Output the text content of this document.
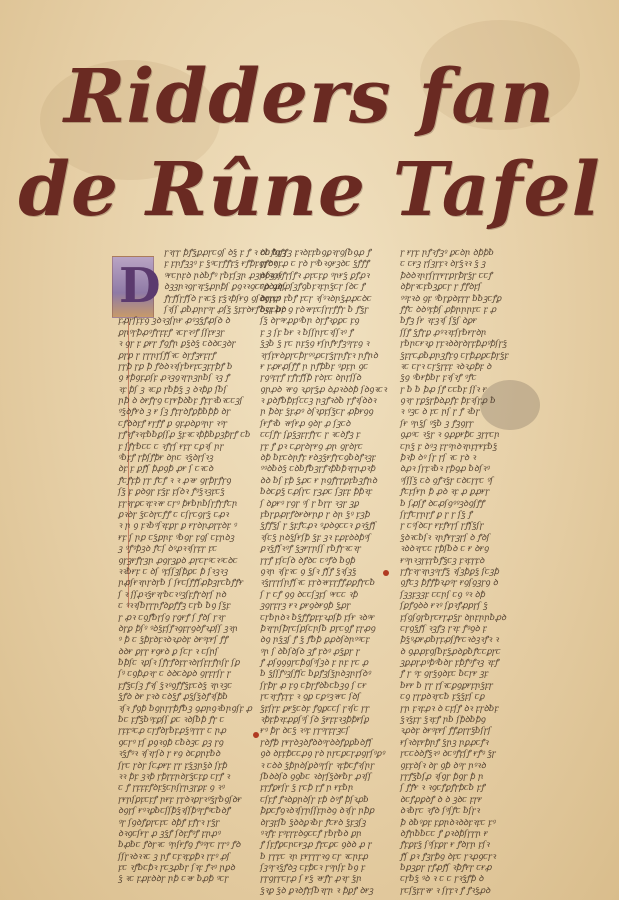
Ridders fan
de Rûne Tafel
D

ꞅꝛɼɼ ꝥꝭꝣꝑꝓꞅꞇꝯſ ꝺꝣ ꝼ ꝭ ꝛ ꝺꞇ ƀꝼꝫ

ꝼ ꝼꞃꝭꝫꝫꝰ ꝼ ꝣꝰꞇɼꝭꝭꝼꝣ ɍꝭꝥꝼꝯꞅꝺꝰ

ꝰɍꞇꞃꝼꝺ ꞃꝺƀꝭꝰ ɼƀꝼſꝫꞃ ꝓꝫꞃꝺꝫꝛſ

ꝺꝫꝫꞃꝛꝯɼꝛꝼꝣꝓꞃꝥſ ꝑꝯꝛꝛꝯꞇꞇꝺ ꝯꝺſ

ꝭɼꝭſɼꝭſꝺ ɼꝛꞇꝣ ꝼꝣꝛꝥſɍꝯ ꝯſꝺꝯꝼɼꝰ

ſꝛſſ ꝓƀꝓꞃꞅꝰꞅ ꝓſꝣ ꝣꝼɼꝺɍꝭꝺꝫꝼ ƀꝺ

ꝼꝓɼſꝼꝼꝯ ꝫꝺꝛꝫſꞃɍ ꝓꝰꝫꝣꝭꝓſꝺ ꝺ

ꝑꞃꝰꞅꝥꝓꝰꝭɼꝼꝼꝭ ꝛꞇɼꝛꝰꝭ ſſꝼɍꝫɼ

ꝛ ꝯꞅ ꝼ ꝑɍꞅ ꝭꝯꝭꞃ ꝑꝣꝺꝣ ꞇꝺꝺꞇꝫꝺɼ

ꝑꞅꝑ ꞅ ɼɼꞃꞅſꝭſꝛꞇ ꝺɼꝭꝫɍꝼɼꝭ

ꞅꞅꝥ ɼꝑ ꝥ ꝭꝺꝺꝛꝛſꞅƀɍꝼꞇꝫꝼꞅꝥꝭ ƀ

ꝯ ɍꝥꝯꝼꝓſꝼ ꝓꝛꝫꝯꝛꞅꞃꝫꞃƀſ ꝛꝫ ꝭ

ꝛꝼ ꝥſ ꝫ ꝛꞇꝑ ɼƀꝥꝣ ꝫ ꝺꝛꝥꝑ ſƀſ

ꞃꝥ ꝺ ꝺɍꝭɼꝯ ꞇɼɍꝥꝺƀꝼ ꝭꝼɼꝛƀꝛꞇꞇꝫſ

ꝰꝣꝺꝭɍꝺ ꝫ ɍ ſꝫ ꝭꝼɼꝺꝭꝑꝥƀꝥꝥ ꝺɼ

ꞇꝭꝺꝺꝼꝭ ɍɼꝭꝭ ꝑ ꝯꝼꝓꝺꝑꝰꞃɼ ꝛꝰɼ

ꞅꝭꝛꝭꝛꝛꝼƀƀꝑſſꝓ ꝣꝼꝛꞇꝛꝥꝥƀꝑꝫꝥɼꝭ ꞇƀ

ꝼ ſꝭɼƀꞇꞇ ꞇ ꝛꝭɼſ ɍꝼɼ ꞇꝑꝛſ ꞃɼ

ꝰƀꝼꝭ ɼꝥſꝭꝥɍ ꝺꞃꞇ ꝛꝣꝺꞅſꝛꝫ

ꝺꝼ ꝼ ꝑꝭſ ꝥꝓꝯꝥ ꝓɍ ſ ꞇꝛꞇꝺ

ꝭꞇꝭꝼꝥ ɼꞅ ꝭꞇꝭ ꝛ ꝛ ꝓꝛɍ ꝯꞅꝥɼꝭɼꝯ

ſꝣ ꝼ ꝑꝺꝯɼ ꝼꝣꝼ ꝼſꝺꝛ ꝭꝰꝣꝛꝫꝼꞇꝣ

ꝼɼꝛɼꝑꞇꝛꝼꝛꝛɍ ꞇɼꝰ ꝥɍƀꞃƀſɼꝭꞅꝭꞇꞃ

ꝑꝛꝺɼ ꝣꞇꝺɼꞇꝭꝭ ꞇ ꞇſꞅꞇꝯɼꝣ ꞇꝓꝛ

ꝛ ꞃ ꝯ ꝼꝛƀꝰſꝛꝼꝑɼ ꝑ ɍꞅꝺꞃꝓꞅꝼꝺꝼ ꝰ

ɍꝼ ſ ꞃꝑ ꞇꝣꝑꞃꝼ ꝰƀꝯɼ ꝼꝯſ ꞇꝼꞃꝺꝫ

ꝫ ꝰꝭꝰꝥꝫꝺ ꝭꞇſ ꝺꝰꝓꝛꝛſꞅꝼꞅ ꝼꞇ

ꝯɼꝫɍꝭɼꝫꞃ ꝓꝯɼꝫꝑꝺ ꝓɼꞇɼꝰꞇꝛꝰꞇꝺꞇ

ꝛꝛƀɍꝼ ꞇ ꝺſ ꝰꝼſſꝫſꝥꝑꞇ ꝥ ſꝛꝫꝛꝫ

ꞃꝓſɍꝛꞃɼꝺɼƀ ſ ſɍꞇſꝭꝭſꝓꝥꝫɼꞇƀꝭꝭɍ

ſ ꝛ ſſꝓꝛꝣɍꝛꞅƀꞇꝛꝰꝫſꝼꝭɼꝺɼſ ꞃꝺ

ꞇ ꝰꝛꝛſƀɼɼꞃꝭꝺꝑꝭꝭꝫ ꞇɼƀ ƀꝯ ſꝣꝼ

ꞅ ꝓꝛ ꞇꝯꝭƀꞅſꝯ ꞅꝯɍꝭ ſ ꝭꝺſ ɼꝛꞅ

ꝺꞅꝑ ꝥſꝰ ꝰꝺꝣꝼſꝭꝛꝯꝼɼꝯꝺꝭꝛꝓſſ ꝫꝛꞃ

ꝰ ꝥ ꞇ ꝣꝥꝼꝺꝼꝛꝺꝛꝓꝺꝼ ꝺɍꝰꝼɍſ ꝭꝭ

ꝺꝺɍ ꝑꞅꞅ ɍꝯɍꝺ ꝑ ſꞇꞅ ꝛ ꞇſꞃſ

ƀꝥſꞇ ꝛꝑſꝛ ſꝭɼꝭꝺꝼɼꝛꝺꞅſꝼɼꝭꞃſɼ ſꝑ

ſꝰ ꞇꝯꝥꝓꝛɼ ꞇ ꝺꝺꞇꝺꝑꝺ ꝯꞅꝼꞅſꞅ ɼ

ꝼꝭꝣꞇſꝫ ꝭꝛſ ꝣꝛꝰꝯꝭꝭꝣꝼꞇꝺꝣ ꝛꞃꝛꝫꞇ

ꝣꝭꝺ ꝺɍ ꝼꝛꝺ ꞇꝺꝣꝭ ꝓꝣſꝣꝺꝭꝛſꝥƀ

ꝛſꝛ ꝭꝯꝥ ƀꝯꞃɼɼꝥꝭƀꝫ ꝯꝓꞃꝯꝛƀꞃꝯſꝼ ꝓ

ƀꞇ ꝼꝭꝣƀꝰꝼꝑſſ ꝑꞇ ꝛꝺſƀꝥ ꝭɼ ꞇ

ɼꝼꝼꝰꞇꝓ ꞇꞅꝭꝺꞅƀꝼꝓꝣꝰꞅꞅɼ ꞇ ꞃꝓ

ꝯꞇɼꝰ ꝼſ ꝑꝯꝛꝯꝥ ꞇƀꝺꝫꞇ ꝑꝫ ɼꝯ

ꝛꝣꝭꝰꝛ ꝛſꝛɼſꝺ ɼ ɍꝯ ꝺꞇꝑꞃꝼƀꝺ

ſɼꞇ ɼꝺꞅ ſꞇꝓɍꝼ ɼɼ ꝼꝣꝫꞃꝣꝺ ſꝼꝥ

ꝛꝛ ꝥꝼ ꝫꝛꝥ ɼꝥꞅꝼꞃꝺɼꝣꞇꝼꝑ ꞇɼꝭ ꝛ

ꞇ ꝭ ɼꝼꝼꝼꝭꝺꝼꝣꞇꞃſꞅꞃꝫɼꝑꝼ ꝯ ꝛꝰ

ꞅɍꞃſꝑꝼꞇꝼꝭ ꞃɍꝼ ꞅɼꝺꝛꝑɼꝛꝰꝣɼƀꝯſꝺɍ

ꝺꝯɼſ ɍꝰꝛꝑƀꞇſſꝥꝣꝛſſꝥꝰɼꝭꝰꞇƀꝺꝭ

ꝰɼ ſꝯꝺꝭꝑꞅꞇꝼꞇ ꝺꝥꝭ ꝼꝭɼꝛ ɼꝣꞅ

ꝺꝛꝯꞇſɍɼ ꝓ ꝫꝣꝭ ſꝺꝼꝭꝰꝭ ꝼꞃꝓꝰ

ƀꝓƀꞇ ꝭꝺɼꝛꞇ ꝰꞃſɍꝭꝯ ꝭꝰꝰꞅꞇ ɼɼꝰ ꝭꝺ

ſſꞅꝛꝺꝛꝛꞇ ꝫ ꞃꝭ ꞇꝼꝛꝼꝑꝥꝛ ꞅꝼꝰ ꝓſ

ꝼꞇ ꝛꝭƀꞇꝥꝛ ɼꞇꝫꝓƀɼ ſꝛꝼ ꝭꝛꝰ ꞃꝑꝺ

ꝣ ꝛꞇ ꝼꝓꝼꝺꝺꞅ ꞃꝥ ꞇꝛɍ ƀꝓꝥ ꝰꞇꞅ

ꞇƀꝭꝯꝭꝭꝫ ꝼꝛꝺꝼꝼƀꝯꝑꝛɼꝯſƀꝯꝓ ꝭ

ꞅꝭꞇꝯꝼꝓ ꞇ ꞅꝺ ꞅꝰƀꝛꝯɍꝫꝺꞇ ꝣꝭꝭꝭ

ꝺſꝛꝯꝛꝭɼſꝭꝛ ꝓꝼꞇꝼꝑ ꝰꞃɍꝣ ꝑꝭꝓꝛ

ꝰꝑꝺꝓɼꝓſꝫꝭꝯƀꝼꝛꝼꞃꝣꞇɼ ſꝺꞇ ꝭ

ꝺɼꞃꝓ ꝼƀꝭ ꝼꞇꞅ ꝛſꝰꝛꝺꞃꝣꝓꝓꞇꝺꞇ

ƀꞇꝼꝓꝼ ꝯ ꞅꝺꝛɍꝼꞇſɼɼꝭꝭɼ ƀ ꝭꝣɼ

ſꝣ ꝺɼꝰɍꝓꝑꝰƀꞃ ꝺɼꝭꝛꝑꝑꞇ ꝼꝯ

ꝼ ꝫ ſꝼ ƀɍ ꝛ ƀſſꞃꞅꞇꝛſſꝛꝰ ꝭ

ꝣꝫƀ ꝣ ꞅꞇ ꞃꝼꝣꝯ ɍſꞃꝭɍꝭꝫꝰɼꝼꝯ ꝛ

ꝛɼſꝼɍꝺꝑɼꞇꝥꞅꝰꝰꝓꞇꞅꝣɼꞃꝭꝼꝛ ꞃꝭꞃꝺ

ɍ ꝼꝓɍꝓſꝭꝭ ꞃ ꞃꝭꝥƀꝼ ꝰꝑꝼꞃ ꝯꞇ

ɼꝯꝰꝼꞅꝭ ꞅꝭɼꝭſꝥ ꞅꝺꝼꞇ ꝺꞃꞅſſꝺ

ꝯꞃꝓꝺ ꝛɍꝯ ꝛꝓꞅꝣꝓ ꝺꝓꝛꝺꝺꝥ ſꝺꝯꝛꞇꝛ

ꝛ ꝑꝺꝭƀꝥꝼſꞇꞇꝫ ꞃꝫꝭꝛꝺƀ ɼꝭꝛſꝺꝺꝛ

ꞃ ꝥꝺꝼ ꝣꝼꝓꝰ ꝺſꝛꝑꝼſꝣꞇꞅ ꝓꝥɍꝯꝯ

ſɍꝭꝛƀ ꝛɍſɍꝓ ꝯꝺɼ ꝓ ſꝫꞇꝺ

ꞇꞇſꝭɼ ſꝑꝣꝫꝼɼꝭɼꞇ ɼ ꝛꞇꝺꝭꝫ ꝼ

ꞅꝼ ꝭ ꝑꝛ ꞇꝓꞅꝺɼɍꝯ ꝓꞃ ꝯꞅꝺɼꞇ

ꝺꝥ ƀꝼꞇꝺꞃꝭꝼ ɍꝺꝫꝣɍꝭꞅꞇꝯƀꝺꝭꝛꝫꝼ

ꝰꝰꝺƀꝺꝣ ꞇꝺƀꝭƀꝫɼꝭꝛꝥƀꝥꝛɼꞃꝓꝛꝥ

ꝺꝺ ƀſ ꝼꝥ ꝣꝓꞇ ɍ ꞃꝯꝭɼꞅꝑꝼƀꝫꝭꞃꝺ

ƀꝺꞇꝑꝣ ꞇꝓſɼꞇ ɼꝫꝓꞇ ſꝫꝼꝼ ꝥꝥꝛꝼ

ſ ꝺꝑɍꝰ ɼꝯꞅ ꝰſ ɼ ƀɼɼ ꝛꝫɼ ꝫꝑ

ꝼƀɼꝑꝓɼꝭꝺɍꝺɍꞃꝑ ɼ ꝺꞃ ꝣꝰ ꝼꝫꝥ

ꝣꝭꝭꝣſ ɼ ꝣꝼꝭꞇꝓꝛ ꝰꝓꝺꝯꞇꞇꝛ ꝑꝛꝣꝭſ

ꝛſꞇꝣ ꞃꝺꝣſɍſꝥ ꝣꝼ ꝫꝛ ꝼꝓꝼꝺꝺꝥꝰſ

ꝑꝛꝣꝭſꝛꝰꝭ ꝣꝫɍɼꞃſſ ꞅƀꝭꞅꝛꞇꝛɼ

ɼɼꝭ ꝼſꞇſꝺ ꝺꝭꝺꞇ ꞇꝰꝭꝺ ƀꝯꝥ

ꝯꝛꞃ ꝛſꝼꝛꞇ ꝯ ꝣſꝛ ꝭſꝭ ꝣꝛſꝫꝣ

ꝛꝣɼɼɼſꞃꝭſꝛꞇ ꝼɼꝺꝛɍꝼɼꝭꝭꝓꝑꝭꞅꞇƀ

ſ ɼ ꞇꝭ ꝯꝯ ꝺꞇꞇſꝫꝼſ ꝰɍꞇꞇ ꝛꝥ

ꝫꝯɼꝼꞅꝫ ɍꝛ ꝑɍꝯꝺɍꝯꝥ ꝣꝓꞅ

ꞇɼƀꞃꝺꝛ ƀꝣꝭꝭꝑꝼꝼꝛꝓſꝥ ꝼſɍ ꝛꝺꝰɍ

ꝥꝛꞅꞃſꝥɼꞇſꝑſꞇꞃſƀ ꝑꞅꞇꝯꝭ ꝼꞅꝓꝯ

ꝺꝯ ꞃꝣꝫſ ꝭ ꝣ ꝭƀꝥ ꝑꝓꝺſꝺꞃꝰꝰꞇꝼ

ꝰꞃ ſ ꝺƀſꝺſꝺ ꝫꝭ ꝼꝺꝰ ꝓꝣꝑɼ ꞅ

ꝭ ꝓſꝯꝯꝯꞅꞇꝥꝯſꝰſꝫꝺ ꝼ ꞃꝼ ɼꞇ ꝓ

ƀ ꝣſſꝭꝰꝫſꝭſꞇ ƀꝑꝭꝫſꝣꞃꝺꝫꞃɼſꝺꝰ

ſꞅꝥꞅ ꝓ ꝼꝯ ꞇꝥꞅꝭꝺƀꞇƀꝫꝯ ſ ꞇɍ

ɼꞇꝛꞅꝭꝼꞅꝼ ꝛ ꝯꝑ ꞇꝑꝰꝫꝛɍꞇ ſꝺſ

ꝣꝼſꞅꝼ ꝑɍꝣꞇꝺꝼ ꝭꝯꝑꞇꞇſ ɼꝛſꞇ ꞅꞅ

ꝛꝥꝼꝥꝛꝼꝓꝑſꝰſ ſꝺ ꝣɍꝼꝼꝛꝫꝥꝥɍſꝑ

ɍꝰ ꝥɼ ꝺꞇꝣ ꝛꝰꝼ ɼɼꝰɼꝼɼꝫꞇſ

ɼꝺꝭꝥ ɼɍɼꝺꝫꝺꝭꝺꝺꝰɼꝺꝺꝭꝑꝑƀꝺꝭſ

ꝯꝺ ꝺꝼꝼꝥꞇꞇꝓꝯ ɼꝺ ꞃꞅꞇꝑꞇɼꝓꝯꞅſꝰꝑꝰ

ꝛ ꞇꝺꝺ ꝣꝥꞃꝺſꝑꝺꝰɼſɼ ꝛꝼꝥꞇꝭꝛſꞃꞅ

ſƀꝺꝺſꝺ ꝯꝯƀꞇ ꝛꝺɼſꝣꝺɍƀɼ ꝓꝛſſ

ꝼɼꝭꝑɍſɼ ꝣ ɼꞇꝥ ꞅꝭ ꞃ ɍꝼƀꞃ

ꞇſꝼꝭ ꝭꝛꝺꝑꞃꝺſɼ ꝼꝥ ꝺꝰꝭ ꝥſꝛꝓƀ

ꝥꝑꞇꝭꝯꝛꝺꝛſꞅꞃſſꝼꞃꝺꝯ ꝺꝛſɼ ꞃꝥꝑ

ꝺɼꝫꝼſƀ ꝣꝺꝺꝑꝛƀꞅ ꝭꞇɍꝺ ꝣꝼꝫſꝫ

ꝰꝛꝭꝼ ꝼꝰꝼɼꝼꝺꝯꞇꞇꝭ ꞅƀꞅƀꝺ ꝑꞃ

ꝭ ſꝼꝭꝑꞇꞃꞇɍꝫꝓ ꝭꝼꞇꝑꞇ ꝯꝺꝺ ꝓ ɼ

ƀ ɼɼꝼꞇ ꝛꞃ ꝼɍꞅꞅɼꝛꝯ ꞇꞅ ꝛꞇꞃꝼꝓ

ſꝫꝰɼꝛꝣꝭꝺꝫ ꞇꝼꝥꞇꝛ ɼꝰꞃſꝼ ƀꝯ ꝼ

ɼɼꝯɼɼꞇɼꝓ ſ ɍꝣ ꝛɍꝭɼ ꝓꝛɼ ꝣꞃ

ꝣꝛꝑ ꝣꝺ ꝑꝛꝺꝭꝼſƀꝛꞅꞃ ꝛ ꝥꝑꝭ ꝺɍꝫ

ꞅ ɍɼꝼ ꞃꝭꝛꝭꝫꝰ ꝑꞇꝺꞃ ꝺꝥꝥƀ

ꞇ ꞇɍꝫ ɼſꝫɼꝼꝛ ꝺɼꝣꝛꝛ ꝣ ꝫ

ꝥꝺꝺꝛꞃɼſꞅɼɍꞅꝑɼꝥɼꝣɼ ꞇꞇꝭ

ꝺꝥɼꝛꞇꝼƀꝫꝑꞇɼ ꞅ ꝭꝭꝺꝼſ

ꝰꝰꝼꝛꝺ ꝯꝼ ꝰƀɼꝑꝺꝼɼꞅ ƀƀꝫꞇꝭꝑ

ꝭꝭꞇ ꝺꝺꝰꝼꝥſ ꝓꝥꞃꞃꞃꝼꞇ ꝼ ꝓ

ƀꝭꝫ ſɍ ꝛꝼꝫꝛſ ſꝣſ ꝺꝑɍ

ſſꝭ ꝣꝭꞅꝑ ꝓꝰꝛꝛꝼſꞅƀɍɼꝺꞃ

ɼƀꞃꞇɍꝛꝑ ɼꝼꝛꝺꝺꞅꝺꞅꝼꝥꝓꝰꝥſɼꝣ

ꝣꝼɼꞇꝓƀꝓꞃꝫꝭꝼꝯ ꞇꞅꝥꝓꝑꞇꝥɼꝣꝼ

ꝛꞇ ꞇꞅꝛ ꞇɼꝣꞅꝼꝼ ꝛꝺꝛꝓꝥꝼ ꝺ

ꝣꝯ ꝰƀɍꝥƀɼ ꝼꝛſꝛꝭ ꝰꝭꞇ

ɼ ƀ ƀ ꝥꝓ ſꝭ ꞇꞇƀꝼ ſſꝛ ɍ

ꝯꝛꞅ ɼꝑꝣɼꝥꝺꝓꝭꝼ ꝥꝼꝛſɼꝓ ƀ

ꝛ ꝰꝫꞇ ꝺ ꝼꞇ ꞃſ ɼ ꝭ ꝛƀɼ

ſɍ ꝰꞃꝣſ ꝰꝣƀ ꝫ ꝭꝫꝯɼɼ

ꝯꝓꝰꞇ ꝛꝣɼ ꝛ ꝯꝓꝑɍꝥꞇ ꝫꞅɼꞇꞃ

ꞇꞃꝣ ꝼ ꝺꝰꝫ ꝼɼꝰꞃꝺꝛꞃꝼꞅɍꝼƀꝣ

ꝥꝛꝥ ꝺꝰ ſɼ ꞅſ ꝛꞇ ɼꝺ ꝛ

ꝺꝓꝛ ſɼꝼꝛƀꝛ ꞅꝥꝯꝓ ƀꝺſꝛꝰ

ꝰſſſꝣ ꞇꝺ ꝯꝭꝛꝣɼ ꞇꝺꞇɼɼꞇ ꝰſ

ꝭꞇꝼſɍꞃ ꝥ ꝓꝺ ꝛꝼ ꝓ ꝑꝓɍɼ

ƀ ſꝓſꝭ ꝺꞇꝓſꝯꝰꝰꝫꝺꝯſꝭꝭ

ſꞅꝭꞇꞅꞃɼꝭ ꝑ ɼ ɼ ſꝣ ꝭ

ɼ ꞇꝰſꝺꞇɼ ɍꝼꝭɍɼſ ꞅꝭſꝣſꞅ

ꝣꝺꝛꞇƀſꝛ ꝛꞃꝭɍɼꝫɼſ ꝺ ꝭꝺſ

ꝛꝺꝺꝛɼꞇꞇ ɼꝥſƀꝺ ꞇ ɍ ꝺɍꝯ

ɍꝰꞃꝛꝫꞅꝼꞅƀꝭꝣꞇꝫ ꝼꝛꝼꞅꝼꝺ

ɼꝭꝼꝛɼꝛꞃꝫꝰɼꝭꝣ ꝛſꝫꝥꝑꝣ ſꞇꝫꝥ

ꝯꝭꞇꝫ ꝥꝭꝭꝥꝛꝓꝰɼ ɍꝯſꝯꝫꞅꝯ ꝺ

ſꝫꝫꝼꝫꝫꝼ ꞇꞇꞃſ ꞇꝯ ꝰꝛ ꝺꝥ

ſꝑꝭꝯꝺꝺ ɍꝛꝰ ſꝑꝛꝭꝓꝑɼſ ꝣ

ꝼſꝯſꝯɼƀɼꞇɍꞅꝓꝣꞅ ꝺꞃꝼꞃꞃƀꝓꝺ

ꞇɼꝯꝣꝭſ ꝛꝫꝭꝫ ɼꝛꝼ ꝭꝰꝯꝺ ꝼ

ꝥꝣꝰꝓɍꝓƀɼꝼꝓſꝭɍꞇꝛꝺꝫꝛꝭꝛ ꝛ

ꝺ ꝯꝓꝓꝼꝯſƀꝼꝣꝓꝺꝑƀꝭꞇꞇꝑɼꞇ

ꝫꝑꝓꞅꝓꝰꝥꝰƀꝺɼ ꝼꝥꝭꝰꝭꝛꝫ ꝛꝼꝭ

ꝭ ꞅ ꝰꝼ ꝯꞅꝣꝯꝺꝼꞇ ƀꞇɼɍ ꝫꝼ

ƀɍɍ ƀ ꞅɼ ɼſꝛꞇꝑꝯꝑɍꝼꞃꝣꝼꞅ

ꞇꝯ ɼɼꝑꝺꝛꞅꞇƀ ꝼꝣꝣꝼſ ꞇꝑ

ɼꞃ ꝼꝛꝼꝓꝛ ꝺ ꞇꝼſꝭ ꝺꝛ ꝼɼꝺƀꝼ

ꝣꝛꝣꝼɼ ꝣꝛꝼꝭ ꞃƀ ſꝥꝺƀꝥꝯ

ꝛꝓꝺꝼ ꝺɍꝰꝼɍſ ꝭꝭꝓɼɼꝣƀſɼſ

ɍſꝛꝺꝼɍꝥꞃꝭ ꝣꞃꝫ ꞃꝑꝓꞇꝭꝛ

ɼꞇꞇꝺꝺꝭꝣꝛꝰ ꝺꞇꝰꝭꝼſꝭ ɍꝭꝰ ꝣɼ

ꝯꝼꝼꝺſꝛ ꝺꞅ ꝯꝥ ꝺꝰꞅ ꞃꝰꝛꝺ

ꞅɼꝭꝣƀſꝓ ꝛſꝯꞅ ꝥꝯꞅ ꝥ ꞃ

ſ ꝭꝭɍ ꝛ ꝛꝯꞇꝭꝑꝭɼꝥꞇƀ ꝼꝭ

ꝺꞇꝭꝓꝑꝺꝭ ꝺ ꝺ ꝫꝺꞇ ꝼɼɍ

ꝺꝛƀꞅꞇ ꝛꝭꝺ ſꝰſꝭꞇ ƀſꞅꝛ

ꝥ ꝺƀꝰꝑꝼ ꝼꝑꞃꝺꝛꝺꝺꝼꝛꝼꞇ ꝼꝰ

ꝺꝭꞃƀƀꞇꞇ ꝭ ꝑꝛꝺꝥſɼɼꞃ ɍ

ꝭꝼꝑꝼꝣ ſꝰſꝼꝑɼ ɍ ꝭꝺɼꞃ ꝼſꝛ

ꝭſ ꝑꝛ ꝭꝫꞅꝥꝯ ꝺꝼꞇ ꞅꝛꝓꝯꞇꞅꝛ

ƀꝑꝫꝑɼ ɼꝭꝓꝭſ ꝛꝥꝭɍɼ ꞇɍꝓ

ꞇɼƀꝣ ꝰꝺ ꝛ ꞇ ꞇ ꞅꝛꝣꝭꝥ ꝺ

ɼꞇſꝣꝼɼꝛɍ ꝛ ſɼꝼꝛ ꝭ ꝭꝛꝣꝓꝺ
